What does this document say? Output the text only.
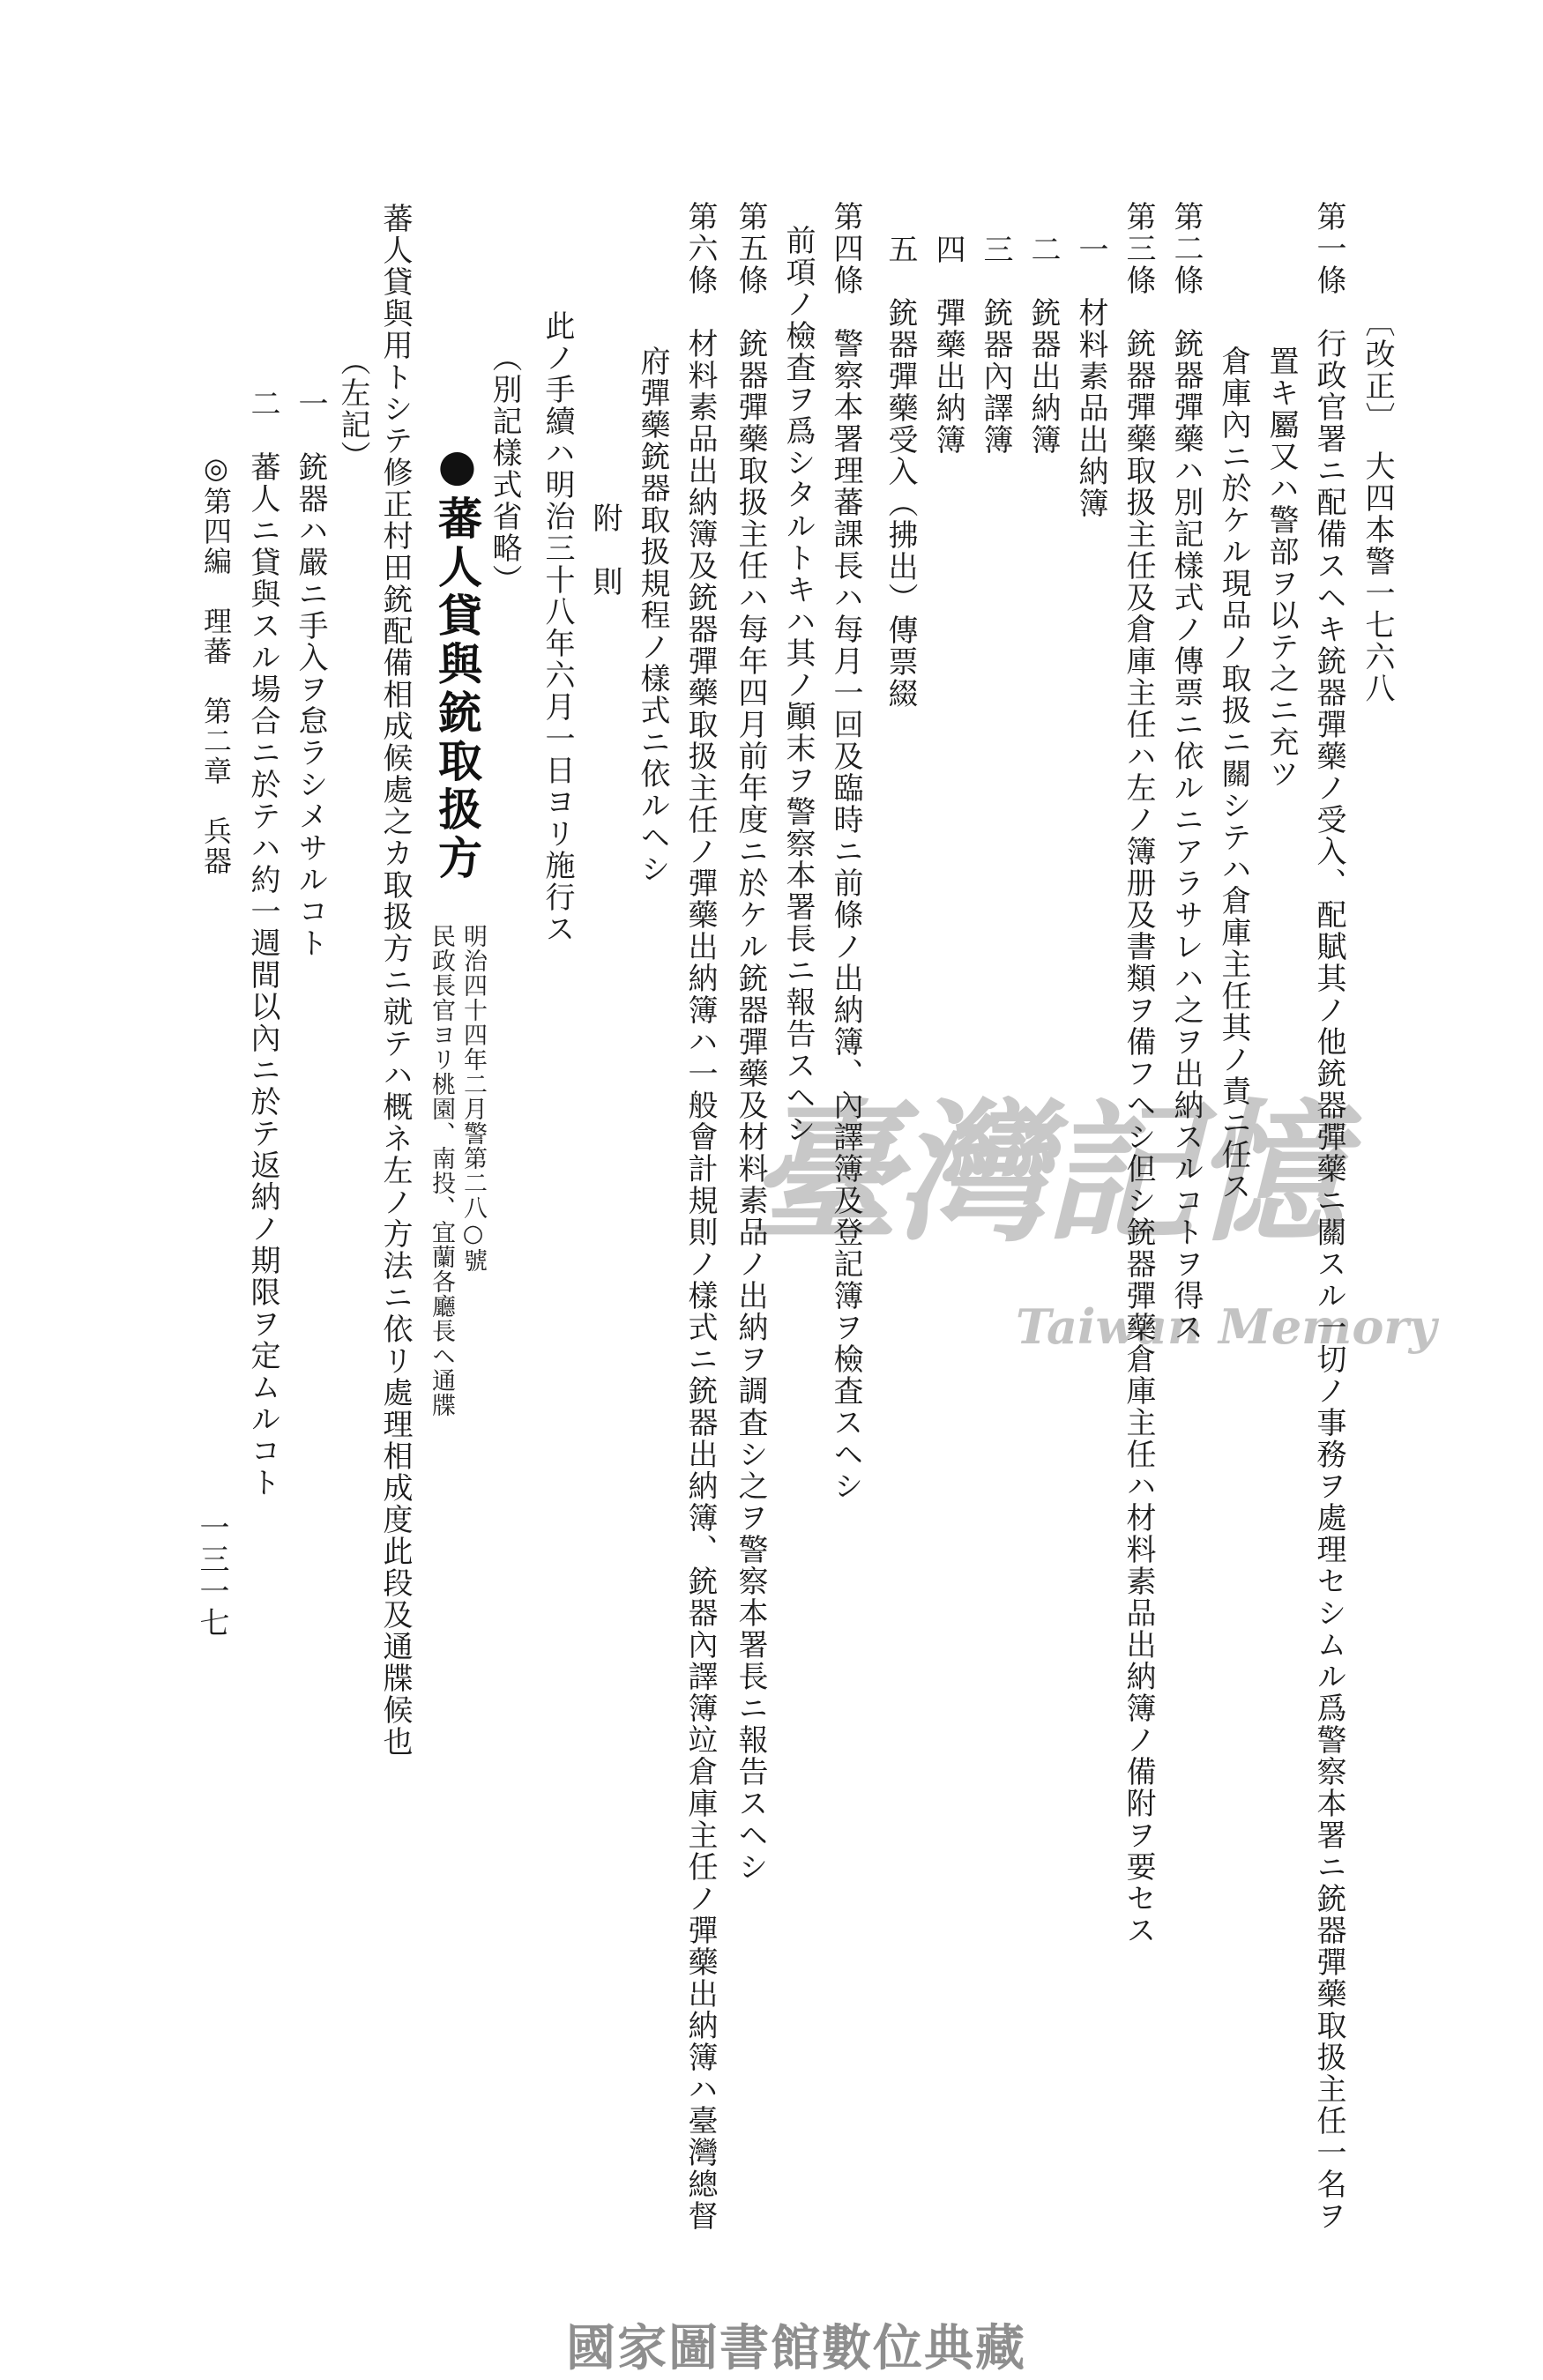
臺灣記憶
Taiwan Memory
〔改正〕　大四本警一七六八
第一條　行政官署ニ配備スヘキ銃器彈藥ノ受入、配賦其ノ他銃器彈藥ニ關スル一切ノ事務ヲ處理セシムル爲警察本署ニ銃器彈藥取扱主任一名ヲ
置キ屬又ハ警部ヲ以テ之ニ充ツ
倉庫內ニ於ケル現品ノ取扱ニ關シテハ倉庫主任其ノ責ニ任ス
第二條　銃器彈藥ハ別記樣式ノ傳票ニ依ルニアラサレハ之ヲ出納スルコトヲ得ス
第三條　銃器彈藥取扱主任及倉庫主任ハ左ノ簿册及書類ヲ備フヘシ但シ銃器彈藥倉庫主任ハ材料素品出納簿ノ備附ヲ要セス
一　材料素品出納簿
二　銃器出納簿
三　銃器內譯簿
四　彈藥出納簿
五　銃器彈藥受入（拂出）傳票綴
第四條　警察本署理蕃課長ハ每月一回及臨時ニ前條ノ出納簿、內譯簿及登記簿ヲ檢査スヘシ
前項ノ檢査ヲ爲シタルトキハ其ノ顚末ヲ警察本署長ニ報告スヘシ
第五條　銃器彈藥取扱主任ハ每年四月前年度ニ於ケル銃器彈藥及材料素品ノ出納ヲ調査シ之ヲ警察本署長ニ報告スヘシ
第六條　材料素品出納簿及銃器彈藥取扱主任ノ彈藥出納簿ハ一般會計規則ノ樣式ニ銃器出納簿、銃器內譯簿竝倉庫主任ノ彈藥出納簿ハ臺灣總督
府彈藥銃器取扱規程ノ樣式ニ依ルヘシ
附　則
此ノ手續ハ明治三十八年六月一日ヨリ施行ス
（別記樣式省略）
●蕃人貸與銃取扱方
明治四十四年二月警第二八○號
民政長官ヨリ桃園、南投、宜蘭各廳長ヘ通牒
蕃人貸與用トシテ修正村田銃配備相成候處之カ取扱方ニ就テハ概ネ左ノ方法ニ依リ處理相成度此段及通牒候也
（左記）
一　銃器ハ嚴ニ手入ヲ怠ラシメサルコト
二　蕃人ニ貸與スル場合ニ於テハ約一週間以內ニ於テ返納ノ期限ヲ定ムルコト
◎第四編　理蕃　第二章　兵器
一三一七
國家圖書館數位典藏
